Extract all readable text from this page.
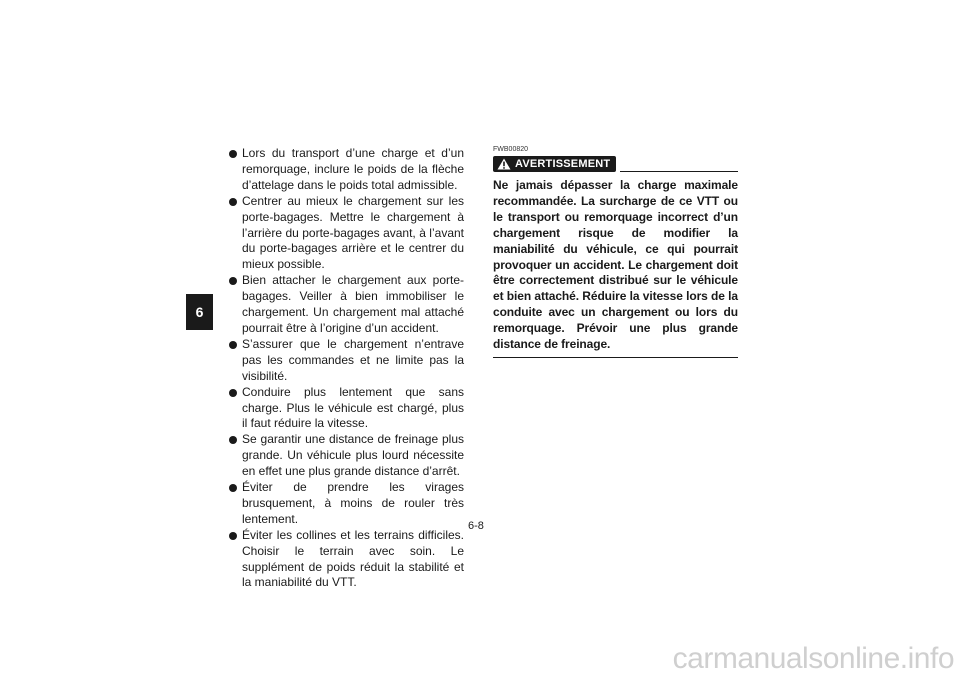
6

Lors du transport d’une charge et d’un remorquage, inclure le poids de la flèche d’attelage dans le poids total admissible.

Centrer au mieux le chargement sur les porte-bagages. Mettre le chargement à l’arrière du porte-bagages avant, à l’avant du porte-bagages arrière et le centrer du mieux possible.

Bien attacher le chargement aux porte-bagages. Veiller à bien immobiliser le chargement. Un chargement mal attaché pourrait être à l’origine d’un accident.

S’assurer que le chargement n’entrave pas les commandes et ne limite pas la visibilité.

Conduire plus lentement que sans charge. Plus le véhicule est chargé, plus il faut réduire la vitesse.

Se garantir une distance de freinage plus grande. Un véhicule plus lourd nécessite en effet une plus grande distance d’arrêt.

Éviter de prendre les virages brusquement, à moins de rouler très lentement.

Éviter les collines et les terrains difficiles. Choisir le terrain avec soin. Le supplément de poids réduit la stabilité et la maniabilité du VTT.

FWB00820
AVERTISSEMENT
Ne jamais dépasser la charge maximale recommandée. La surcharge de ce VTT ou le transport ou remorquage incorrect d’un chargement risque de modifier la maniabilité du véhicule, ce qui pourrait provoquer un accident. Le chargement doit être correctement distribué sur le véhicule et bien attaché. Réduire la vitesse lors de la conduite avec un chargement ou lors du remorquage. Prévoir une plus grande distance de freinage.
6-8
carmanualsonline.info
